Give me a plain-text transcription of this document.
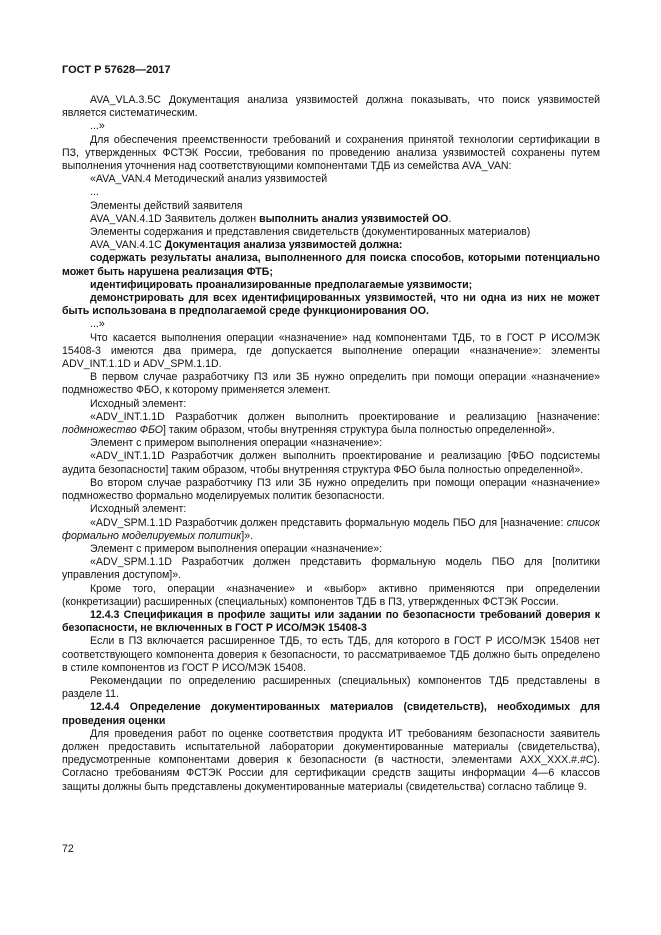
ГОСТ Р 57628—2017

AVA_VLA.3.5C Документация анализа уязвимостей должна показывать, что поиск уязвимостей является систематическим.

...»

Для обеспечения преемственности требований и сохранения принятой технологии сертификации в ПЗ, утвержденных ФСТЭК России, требования по проведению анализа уязвимостей сохранены путем выполнения уточнения над соответствующими компонентами ТДБ из семейства AVA_VAN:

«AVA_VAN.4 Методический анализ уязвимостей

...

Элементы действий заявителя

AVA_VAN.4.1D Заявитель должен выполнить анализ уязвимостей ОО.

Элементы содержания и представления свидетельств (документированных материалов)

AVA_VAN.4.1C Документация анализа уязвимостей должна:

содержать результаты анализа, выполненного для поиска способов, которыми потенциально может быть нарушена реализация ФТБ;

идентифицировать проанализированные предполагаемые уязвимости;

демонстрировать для всех идентифицированных уязвимостей, что ни одна из них не может быть использована в предполагаемой среде функционирования ОО.

...»

Что касается выполнения операции «назначение» над компонентами ТДБ, то в ГОСТ Р ИСО/МЭК 15408-3 имеются два примера, где допускается выполнение операции «назначение»: элементы ADV_INT.1.1D и ADV_SPM.1.1D.

В первом случае разработчику ПЗ или ЗБ нужно определить при помощи операции «назначение» подмножество ФБО, к которому применяется элемент.

Исходный элемент:

«ADV_INT.1.1D Разработчик должен выполнить проектирование и реализацию [назначение: подмножество ФБО] таким образом, чтобы внутренняя структура была полностью определенной».

Элемент с примером выполнения операции «назначение»:

«ADV_INT.1.1D Разработчик должен выполнить проектирование и реализацию [ФБО подсистемы аудита безопасности] таким образом, чтобы внутренняя структура ФБО была полностью определенной».

Во втором случае разработчику ПЗ или ЗБ нужно определить при помощи операции «назначение» подмножество формально моделируемых политик безопасности.

Исходный элемент:

«ADV_SPM.1.1D Разработчик должен представить формальную модель ПБО для [назначение: список формально моделируемых политик]».

Элемент с примером выполнения операции «назначение»:

«ADV_SPM.1.1D Разработчик должен представить формальную модель ПБО для [политики управления доступом]».

Кроме того, операции «назначение» и «выбор» активно применяются при определении (конкретизации) расширенных (специальных) компонентов ТДБ в ПЗ, утвержденных ФСТЭК России.

12.4.3 Спецификация в профиле защиты или задании по безопасности требований доверия к безопасности, не включенных в ГОСТ Р ИСО/МЭК 15408-3

Если в ПЗ включается расширенное ТДБ, то есть ТДБ, для которого в ГОСТ Р ИСО/МЭК 15408 нет соответствующего компонента доверия к безопасности, то рассматриваемое ТДБ должно быть определено в стиле компонентов из ГОСТ Р ИСО/МЭК 15408.

Рекомендации по определению расширенных (специальных) компонентов ТДБ представлены в разделе 11.

12.4.4 Определение документированных материалов (свидетельств), необходимых для проведения оценки

Для проведения работ по оценке соответствия продукта ИТ требованиям безопасности заявитель должен предоставить испытательной лаборатории документированные материалы (свидетельства), предусмотренные компонентами доверия к безопасности (в частности, элементами AXX_XXX.#.#C). Согласно требованиям ФСТЭК России для сертификации средств защиты информации 4—6 классов защиты должны быть представлены документированные материалы (свидетельства) согласно таблице 9.

72
